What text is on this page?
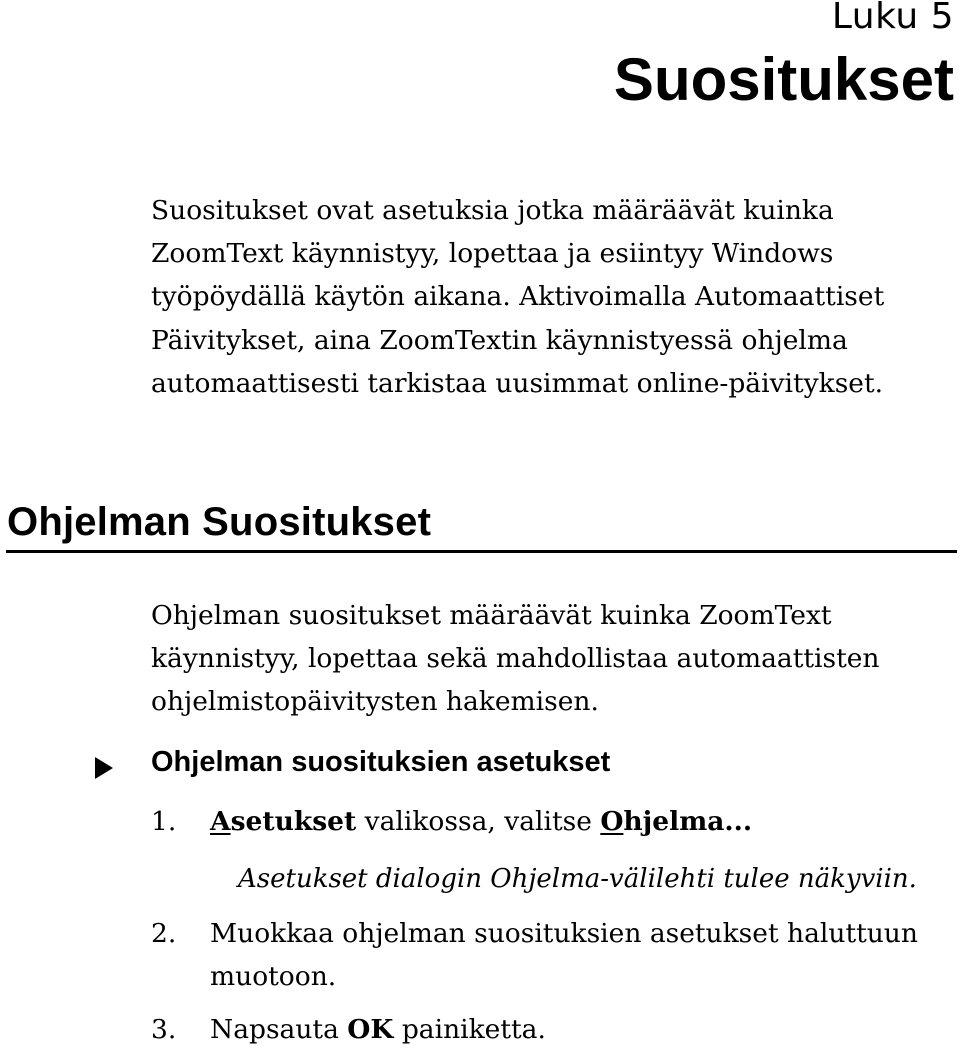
Luku 5
Suositukset

Suositukset ovat asetuksia jotka määräävät kuinka ZoomText käynnistyy, lopettaa ja esiintyy Windows työpöydällä käytön aikana. Aktivoimalla Automaattiset Päivitykset, aina ZoomTextin käynnistyessä ohjelma automaattisesti tarkistaa uusimmat online-päivitykset.

Ohjelman Suositukset

Ohjelman suositukset määräävät kuinka ZoomText käynnistyy, lopettaa sekä mahdollistaa automaattisten ohjelmistopäivitysten hakemisen.

Ohjelman suosituksien asetukset
1. Asetukset valikossa, valitse Ohjelma...
Asetukset dialogin Ohjelma-välilehti tulee näkyviin.
2. Muokkaa ohjelman suosituksien asetukset haluttuun muotoon.
3. Napsauta OK painiketta.
